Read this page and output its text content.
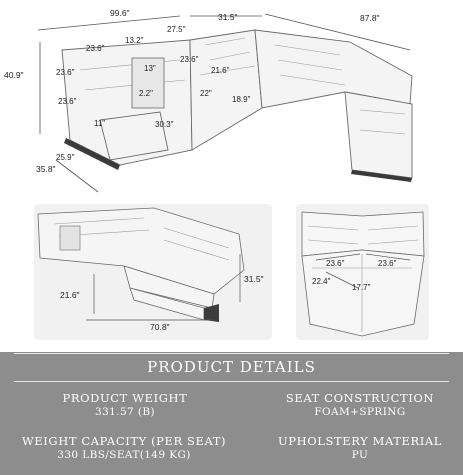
99.6"	31.5"	87.8"
40.9"
35.8"
13.2"
27.5"
23.6"
23.6"
23.6"
23.6"
21.6"
13"
2.2"	22"
11"	30.3"
18.9"
25.9"
31.5"
21.6"
70.8"
23.6"	23.6"
22.4"
17.7"
PRODUCT DETAILS
PRODUCT WEIGHT
331.57 (B)
SEAT CONSTRUCTION
FOAM+SPRING
WEIGHT CAPACITY (PER SEAT)
330 LBS/SEAT(149 KG)
UPHOLSTERY MATERIAL
PU
